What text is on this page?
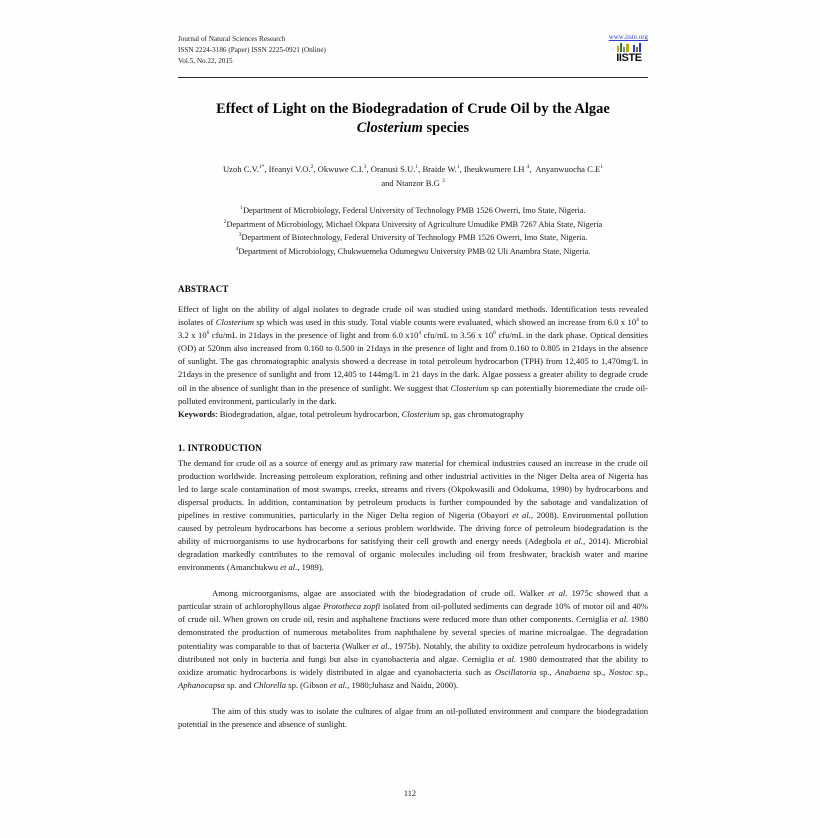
Journal of Natural Sciences Research
ISSN 2224-3186 (Paper) ISSN 2225-0921 (Online)
Vol.5, No.22, 2015
www.iiste.org
IISTE
Effect of Light on the Biodegradation of Crude Oil by the Algae
Closterium species
Uzoh C.V.$^{1*}$, Ifeanyi V.O.$^2$, Okwuwe C.I.$^3$, Oranusi S.U.$^1$, Braide W.$^1$, Iheukwumere I.H $^4$,  Anyanwuocha $C.E^1$
and Ntanzor B.G $^3$
$^1$Department of Microbiology, Federal University of Technology PMB 1526 Owerri, Imo State, Nigeria.
$^2$Department of Microbiology, Michael Okpara University of Agriculture Umudike PMB 7267 Abia State, Nigeria
$^3$Department of Biotechnology, Federal University of Technology PMB 1526 Owerri, Imo State, Nigeria.
$^4$Department of Microbiology, Chukwuemeka Odumegwu University PMB 02 Uli Anambra State, Nigeria.
ABSTRACT
Effect of light on the ability of algal isolates to degrade crude oil was studied using standard methods. Identification tests revealed isolates of Closterium sp which was used in this study. Total viable counts were evaluated, which showed an increase from 6.0 x $10^4$ to 3.2 x $10^6$ cfu/mL in 21days in the presence of light and from 6.0 $x10^4$ cfu/mL to 3.56 x $10^6$ cfu/mL in the dark phase. Optical densities (OD) at 520nm also increased from 0.160 to 0.500 in 21days in the presence of light and from 0.160 to 0.805 in 21days in the absence of sunlight. The gas chromatographic analysis showed a decrease in total petroleum hydrocarbon (TPH) from 12,405 to 1,470mg/L in 21days in the presence of sunlight and from 12,405 to 144mg/L in 21 days in the dark. Algae possess a greater ability to degrade crude oil in the absence of sunlight than in the presence of sunlight. We suggest that Closterium sp can potentially bioremediate the crude oil-polluted environment, particularly in the dark.
Keywords: Biodegradation, algae, total petroleum hydrocarbon, Closterium sp, gas chromatography
1. INTRODUCTION
The demand for crude oil as a source of energy and as primary raw material for chemical industries caused an increase in the crude oil production worldwide. Increasing petroleum exploration, refining and other industrial activities in the Niger Delta area of Nigeria has led to large scale contamination of most swamps, creeks, streams and rivers (Okpokwasili and Odokuma, 1990) by hydrocarbons and dispersal products. In addition, contamination by petroleum products is further compounded by the sabotage and vandalization of pipelines in restive communities, particularly in the Niger Delta region of Nigeria (Obayori et al., 2008). Environmental pollution caused by petroleum hydrocarbons has become a serious problem worldwide. The driving force of petroleum biodegradation is the ability of microorganisms to use hydrocarbons for satisfying their cell growth and energy needs (Adegbola et al., 2014). Microbial degradation markedly contributes to the removal of organic molecules including oil from freshwater, brackish water and marine environments (Amanchukwu et al., 1989).
Among microorganisms, algae are associated with the biodegradation of crude oil. Walker et al. 1975c showed that a particular strain of achlorophyllous algae Prototheca zopfi isolated from oil-polluted sediments can degrade 10% of motor oil and 40% of crude oil. When grown on crude oil, resin and asphaltene fractions were reduced more than other components. Cerniglia et al. 1980 demonstrated the production of numerous metabolites from naphthalene by several species of marine microalgae. The degradation potentiality was comparable to that of bacteria (Walker et al., 1975b). Notably, the ability to oxidize petroleum hydrocarbons is widely distributed not only in bacteria and fungi but also in cyanobacteria and algae. Cerniglia et al. 1980 demostrated that the ability to oxidize aromatic hydrocarbons is widely distributed in algae and cyanobacteria such as Oscillatoria sp., Anabaena sp., Nostoc sp., Aphanocapsa sp. and Chlorella sp. (Gibson et al., 1980;Juhasz and Naidu, 2000).
The aim of this study was to isolate the cultures of algae from an oil-polluted environment and compare the biodegradation potential in the presence and absence of sunlight.
112
